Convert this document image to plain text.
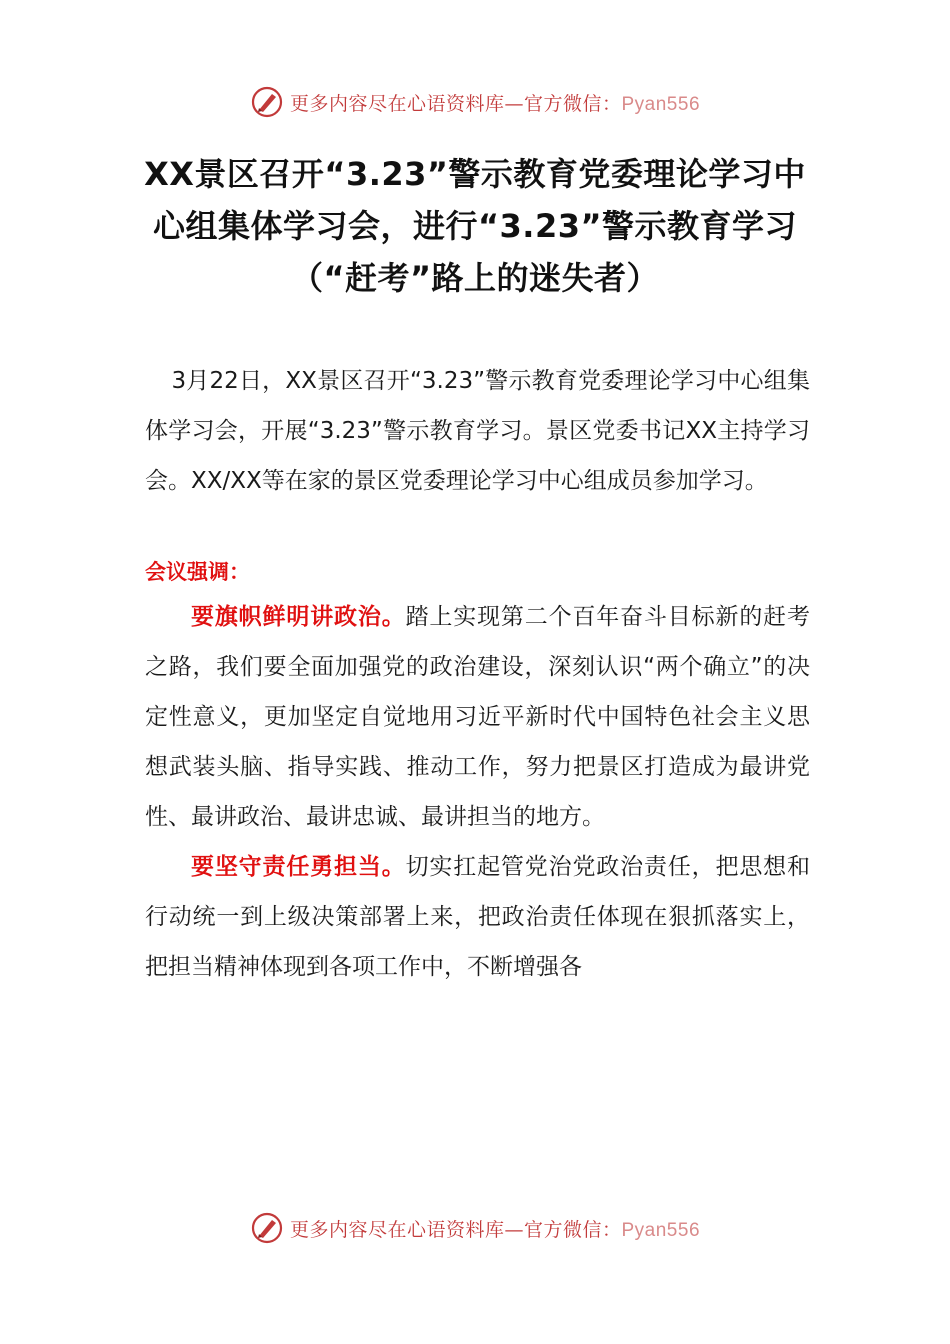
更多内容尽在心语资料库—官方微信：Pyan556
XX景区召开“3.23”警示教育党委理论学习中心组集体学习会，进行“3.23”警示教育学习（“赶考”路上的迷失者）

3月22日，XX景区召开“3.23”警示教育党委理论学习中心组集体学习会，开展“3.23”警示教育学习。景区党委书记XX主持学习会。XX/XX等在家的景区党委理论学习中心组成员参加学习。

会议强调：

要旗帜鲜明讲政治。踏上实现第二个百年奋斗目标新的赶考之路，我们要全面加强党的政治建设，深刻认识“两个确立”的决定性意义，更加坚定自觉地用习近平新时代中国特色社会主义思想武装头脑、指导实践、推动工作，努力把景区打造成为最讲党性、最讲政治、最讲忠诚、最讲担当的地方。

要坚守责任勇担当。切实扛起管党治党政治责任，把思想和行动统一到上级决策部署上来，把政治责任体现在狠抓落实上，把担当精神体现到各项工作中，不断增强各

更多内容尽在心语资料库—官方微信：Pyan556
